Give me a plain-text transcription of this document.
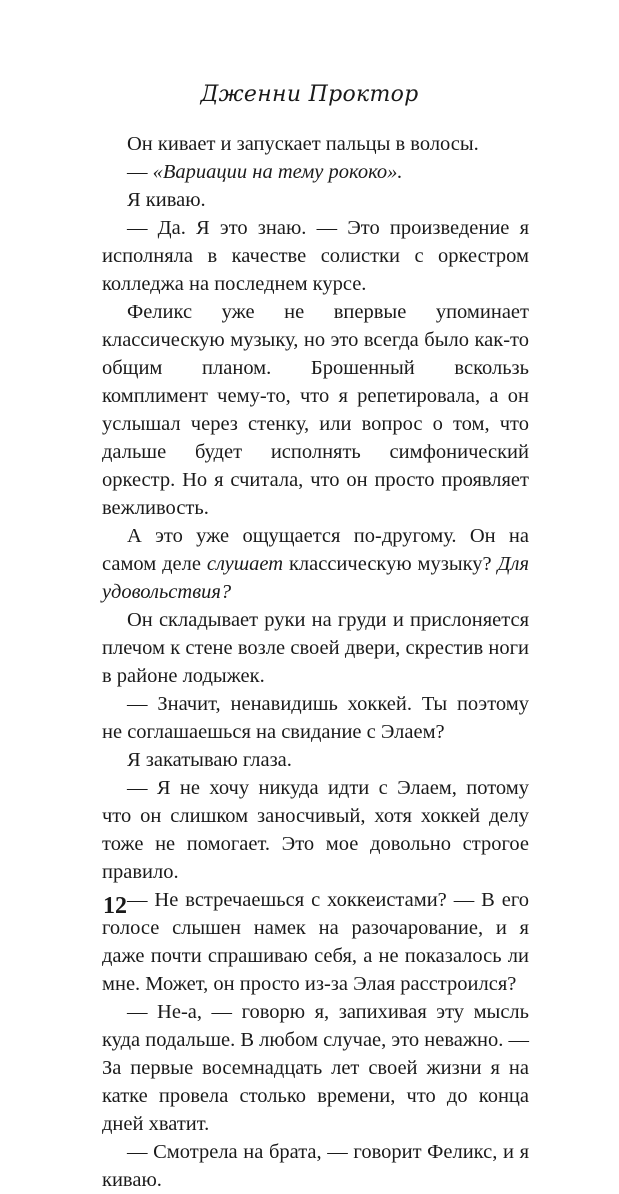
Дженни Проктор

Он кивает и запускает пальцы в волосы.

— «Вариации на тему рококо».

Я киваю.

— Да. Я это знаю. — Это произведение я исполняла в качестве солистки с оркестром колледжа на последнем курсе.

Феликс уже не впервые упоминает классическую музыку, но это всегда было как-то общим планом. Брошенный вскользь комплимент чему-то, что я репетировала, а он услышал через стенку, или вопрос о том, что дальше будет исполнять симфонический оркестр. Но я считала, что он просто проявляет вежливость.

А это уже ощущается по-другому. Он на самом деле слушает классическую музыку? Для удовольствия?

Он складывает руки на груди и прислоняется плечом к стене возле своей двери, скрестив ноги в районе лодыжек.

— Значит, ненавидишь хоккей. Ты поэтому не соглашаешься на свидание с Элаем?

Я закатываю глаза.

— Я не хочу никуда идти с Элаем, потому что он слишком заносчивый, хотя хоккей делу тоже не помогает. Это мое довольно строгое правило.

— Не встречаешься с хоккеистами? — В его голосе слышен намек на разочарование, и я даже почти спрашиваю себя, а не показалось ли мне. Может, он просто из-за Элая расстроился?

— Не-а, — говорю я, запихивая эту мысль куда подальше. В любом случае, это неважно. — За первые восемнадцать лет своей жизни я на катке провела столько времени, что до конца дней хватит.

— Смотрела на брата, — говорит Феликс, и я киваю.

12
